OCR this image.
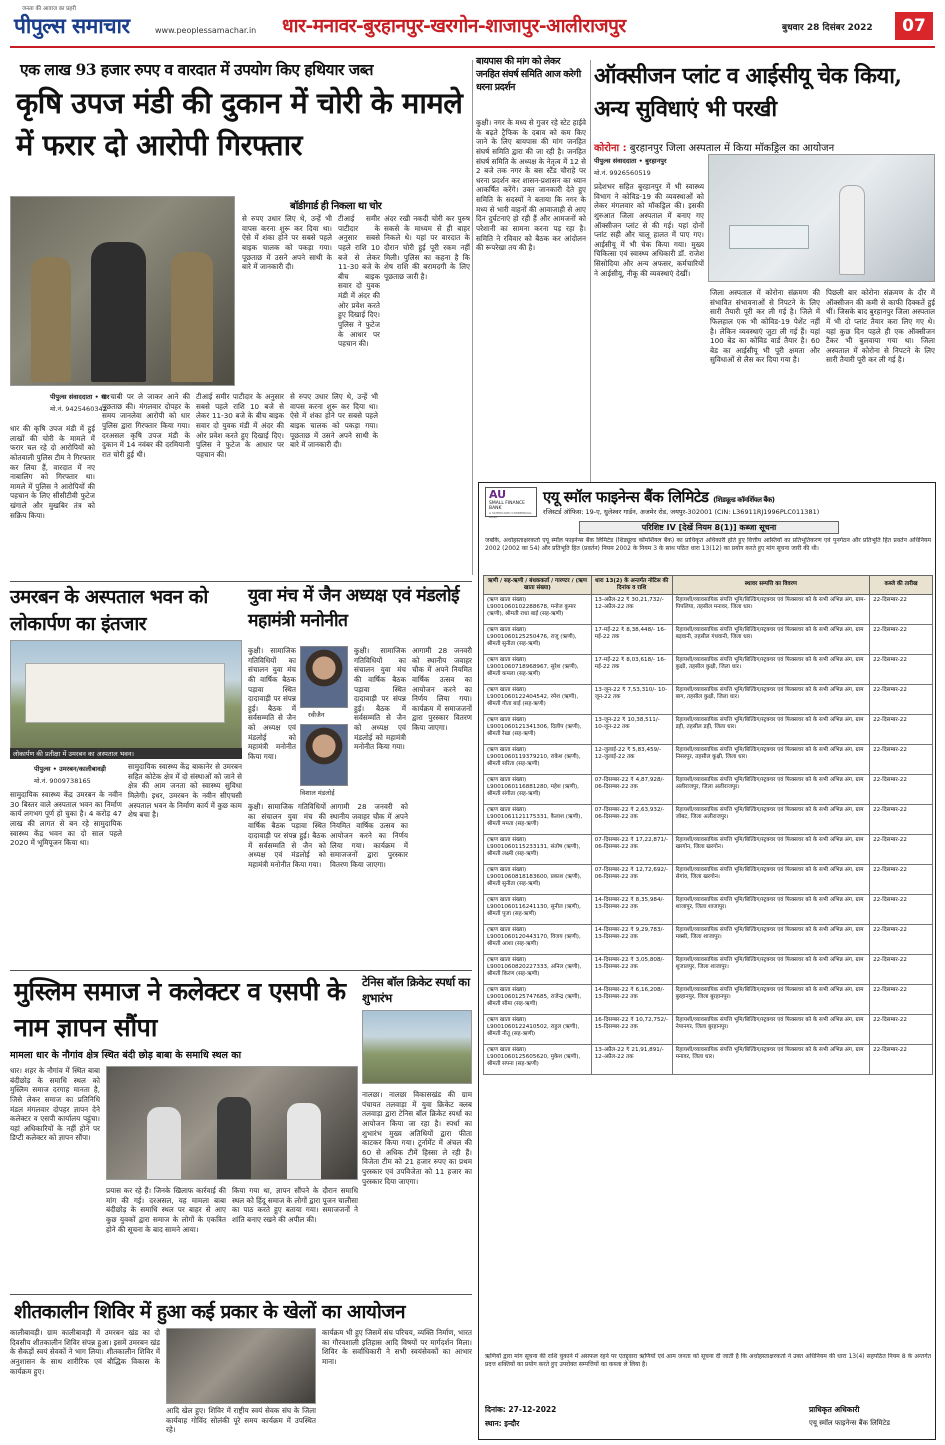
जनता की आवाज का प्रहरी
पीपुल्स समाचार	www.peoplessamachar.in धार-मनावर-बुरहानपुर-खरगोन-शाजापुर-आलीराजपुर	बुधवार 28 दिसंबर 2022	07
एक लाख 93 हजार रुपए व वारदात में उपयोग किए हथियार जब्त
कृषि उपज मंडी की दुकान में चोरी के मामले में फरार दो आरोपी गिरफ्तार
पीपुल्स संवाददाता • धार
मो.नं. 9425460342
बॉडीगार्ड ही निकला था चोर
धार की कृषि उपज मंडी में हुई लाखों की चोरी के मामले में फरार चल रहे दो आरोपियों को कोतवाली पुलिस टीम ने गिरफ्तार कर लिया हैं, वारदात में नए नाबालिग को गिरफ्तार था। मामले में पुलिस ने आरोपियों की पहचान के लिए सीसीटीवी फुटेज खंगाले और मुखबिर तंत्र को सक्रिय किया।
व चाबी पर ले जाकर आने की पूछताछ की। मंगलवार दोपहर के समय जानलेवा आरोपी को धार पुलिस द्वारा गिरफ्तार किया गया। दरअसल कृषि उपज मंडी के दुकान में 14 नवंबर की दरमियानी रात चोरी हुई थी।
टीआई समीर पाटीदार के अनुसार सबसे पहले राशि 10 बजे से लेकर 11-30 बजे के बीच बाइक सवार दो युवक मंडी में अंदर की ओर प्रवेश करते हुए दिखाई दिए। पुलिस ने फुटेज के आधार पर पहचान की।
से रुपए उधार लिए थे, उन्हें भी वापस करना शुरू कर दिया था। ऐसे में शंका होने पर सबसे पहले बाइक चालक को पकड़ा गया। पूछताछ में उसने अपने साथी के बारे में जानकारी दी।
से रुपए उधार लिए थे, उन्हें भी वापस करना शुरू कर दिया था। ऐसे में शंका होने पर सबसे पहले बाइक चालक को पकड़ा गया। पूछताछ में उसने अपने साथी के बारे में जानकारी दी।
अंदर रखी नकदी चोरी कर पुरुष सकसे के माध्यम से ही बाहर निकले थे। यहां पर वारदात के दौरान चोरी हुई पूरी रकम नहीं मिली। पुलिस का कहना है कि शेष राशि की बरामदगी के लिए पूछताछ जारी है।
टीआई समीर पाटीदार के अनुसार सबसे पहले राशि 10 बजे से लेकर 11-30 बजे के बीच बाइक सवार दो युवक मंडी में अंदर की ओर प्रवेश करते हुए दिखाई दिए। पुलिस ने फुटेज के आधार पर पहचान की।
बायपास की मांग को लेकर जनहित संघर्ष समिति आज करेगी धरना प्रदर्शन
कुक्षी। नगर के मध्य से गुजर रहे स्टेट हाईवे के बढ़ते ट्रैफिक के दबाव को कम किए जाने के लिए बायपास की मांग जनहित संघर्ष समिति द्वारा की जा रही है। जनहित संघर्ष समिति के अध्यक्ष के नेतृत्व में 12 से 2 बजे तक नगर के बस स्टैंड चौराहे पर धरना प्रदर्शन कर शासन-प्रशासन का ध्यान आकर्षित करेंगे। उक्त जानकारी देते हुए समिति के सदस्यों ने बताया कि नगर के मध्य से भारी वाहनों की आवाजाही से आए दिन दुर्घटनाएं हो रही हैं और आमजनों को परेशानी का सामना करना पड़ रहा है। समिति ने रविवार को बैठक कर आंदोलन की रूपरेखा तय की है।
ऑक्सीजन प्लांट व आईसीयू चेक किया, अन्य सुविधाएं भी परखी
कोरोना : बुरहानपुर जिला अस्पताल में किया मॉकड्रिल का आयोजन
पीपुल्स संवाददाता • बुरहानपुर
मो.नं. 9926560519
प्रदेशभर सहित बुरहानपुर में भी स्वास्थ्य विभाग ने कोविड-19 की व्यवस्थाओं को लेकर मंगलवार को मॉकड्रिल की। इसकी शुरुआत जिला अस्पताल में बनाए गए ऑक्सीजन प्लांट से की गई। यहां दोनों प्लांट सही और चालू हालत में पाए गए। आईसीयू में भी चेक किया गया। मुख्य चिकित्सा एवं स्वास्थ्य अधिकारी डॉ. राजेश सिसोदिया और अन्य अफसर, कर्मचारियों ने आईसीयू, नीकू की व्यवस्थाएं देखीं।
जिला अस्पताल में कोरोना संक्रमण की संभावित संभावनाओं से निपटने के लिए सारी तैयारी पूरी कर ली गई है। जिले में फिलहाल एक भी कोविड-19 पेशेंट नहीं है। लेकिन व्यवस्थाएं जुटा ली गई हैं। यहां 100 बेड का कोविड वार्ड तैयार है। 60 बेड का आईसीयू भी पूरी क्षमता और सुविधाओं से लैस कर दिया गया है।
पिछली बार कोरोना संक्रमण के दौर में ऑक्सीजन की कमी से काफी दिक्कतें हुई थीं। जिसके बाद बुरहानपुर जिला अस्पताल में भी दो प्लांट तैयार करा लिए गए थे। यहां कुछ दिन पहले ही एक ऑक्सीजन टैंकर भी बुलवाया गया था। जिला अस्पताल में कोरोना से निपटने के लिए सारी तैयारी पूरी कर ली गई है।
AU
SMALL FINANCE BANK
A SCHEDULED COMMERCIAL BANK
एयू स्मॉल फाइनेन्स बैंक लिमिटेड (शिड्यूल्ड कॉमर्शियल बैंक)
रजिस्टर्ड ऑफिस: 19-ए, धुलेश्वर गार्डन, अजमेर रोड, जयपुर-302001 (CIN: L36911RJ1996PLC011381)
परिशिष्ट IV [देखें नियम 8(1)] कब्जा सूचना
जबकि, अधोहस्ताक्षरकर्ता एयू स्मॉल फाइनेन्स बैंक लिमिटेड (शिड्यूल्ड कॉमर्शियल बैंक) का प्राधिकृत अधिकारी होते हुए वित्तीय आस्तियों का प्रतिभूतिकरण एवं पुनर्गठन और प्रतिभूति हित प्रवर्तन अधिनियम 2002 (2002 का 54) और प्रतिभूति हित (प्रवर्तन) नियम 2002 के नियम 3 के साथ पठित धारा 13(12) का प्रयोग करते हुए मांग सूचना जारी की थी।
ऋणी / सह-ऋणी / बंधककर्ता / गारण्टर / (ऋण खाता संख्या)	धारा 13(2) के अन्तर्गत नोटिस की दिनांक व राशि	स्थावर सम्पत्ति का विवरण	कब्जे की तारीख
(ऋण खाता संख्या) L9001060102288678, मनोज कुमार (ऋणी), श्रीमती राधा बाई (सह-ऋणी)	13-अप्रैल-22 ₹ 30,21,732/- 12-अप्रैल-22 तक	रिहायशी/व्यावसायिक संपत्ति भूमि/बिल्डिंग/स्ट्रक्चर एवं फिक्सचर को के सभी अभिन्न अंग, ग्राम-पिपलिया, तहसील मनावर, जिला धार।	22-दिसम्बर-22
(ऋण खाता संख्या) L9001060125250476, राजू (ऋणी), श्रीमती सुनीता (सह-ऋणी)	17-मई-22 ₹ 8,38,448/- 16-मई-22 तक	रिहायशी/व्यावसायिक संपत्ति भूमि/बिल्डिंग/स्ट्रक्चर एवं फिक्सचर को के सभी अभिन्न अंग, ग्राम बड़वानी, तहसील गंधवानी, जिला धार।	22-दिसम्बर-22
(ऋण खाता संख्या) L9001060718968967, सुरेश (ऋणी), श्रीमती कमला (सह-ऋणी)	17-मई-22 ₹ 8,03,618/- 16-मई-22 तक	रिहायशी/व्यावसायिक संपत्ति भूमि/बिल्डिंग/स्ट्रक्चर एवं फिक्सचर को के सभी अभिन्न अंग, ग्राम कुक्षी, तहसील कुक्षी, जिला धार।	22-दिसम्बर-22
(ऋण खाता संख्या) L9001060122404542, रमेश (ऋणी), श्रीमती गीता बाई (सह-ऋणी)	13-जून-22 ₹ 7,53,310/- 10-जून-22 तक	रिहायशी/व्यावसायिक संपत्ति भूमि/बिल्डिंग/स्ट्रक्चर एवं फिक्सचर को के सभी अभिन्न अंग, ग्राम बाग, तहसील कुक्षी, जिला धार।	22-दिसम्बर-22
(ऋण खाता संख्या) L9001060121341306, दिलीप (ऋणी), श्रीमती रेखा (सह-ऋणी)	13-जून-22 ₹ 10,38,511/- 10-जून-22 तक	रिहायशी/व्यावसायिक संपत्ति भूमि/बिल्डिंग/स्ट्रक्चर एवं फिक्सचर को के सभी अभिन्न अंग, ग्राम डही, तहसील डही, जिला धार।	22-दिसम्बर-22
(ऋण खाता संख्या) L9001060119379210, राकेश (ऋणी), श्रीमती सरिता (सह-ऋणी)	12-जुलाई-22 ₹ 5,83,459/- 12-जुलाई-22 तक	रिहायशी/व्यावसायिक संपत्ति भूमि/बिल्डिंग/स्ट्रक्चर एवं फिक्सचर को के सभी अभिन्न अंग, ग्राम निसरपुर, तहसील कुक्षी, जिला धार।	22-दिसम्बर-22
(ऋण खाता संख्या) L9001060116881280, महेश (ऋणी), श्रीमती संगीता (सह-ऋणी)	07-दिसम्बर-22 ₹ 4,87,928/- 06-दिसम्बर-22 तक	रिहायशी/व्यावसायिक संपत्ति भूमि/बिल्डिंग/स्ट्रक्चर एवं फिक्सचर को के सभी अभिन्न अंग, ग्राम अलीराजपुर, जिला अलीराजपुर।	22-दिसम्बर-22
(ऋण खाता संख्या) L9001061121175331, कैलाश (ऋणी), श्रीमती ममता (सह-ऋणी)	07-दिसम्बर-22 ₹ 2,63,932/- 06-दिसम्बर-22 तक	रिहायशी/व्यावसायिक संपत्ति भूमि/बिल्डिंग/स्ट्रक्चर एवं फिक्सचर को के सभी अभिन्न अंग, ग्राम जोबट, जिला अलीराजपुर।	22-दिसम्बर-22
(ऋण खाता संख्या) L9001060115233131, संतोष (ऋणी), श्रीमती लक्ष्मी (सह-ऋणी)	07-दिसम्बर-22 ₹ 17,22,871/- 06-दिसम्बर-22 तक	रिहायशी/व्यावसायिक संपत्ति भूमि/बिल्डिंग/स्ट्रक्चर एवं फिक्सचर को के सभी अभिन्न अंग, ग्राम खरगोन, जिला खरगोन।	22-दिसम्बर-22
(ऋण खाता संख्या) L9001060818183600, प्रकाश (ऋणी), श्रीमती सुनीता (सह-ऋणी)	07-दिसम्बर-22 ₹ 12,72,692/- 06-दिसम्बर-22 तक	रिहायशी/व्यावसायिक संपत्ति भूमि/बिल्डिंग/स्ट्रक्चर एवं फिक्सचर को के सभी अभिन्न अंग, ग्राम सेगांव, जिला खरगोन।	22-दिसम्बर-22
(ऋण खाता संख्या) L9001060116241130, सुनील (ऋणी), श्रीमती पूजा (सह-ऋणी)	14-दिसम्बर-22 ₹ 8,35,984/- 13-दिसम्बर-22 तक	रिहायशी/व्यावसायिक संपत्ति भूमि/बिल्डिंग/स्ट्रक्चर एवं फिक्सचर को के सभी अभिन्न अंग, ग्राम शाजापुर, जिला शाजापुर।	22-दिसम्बर-22
(ऋण खाता संख्या) L9001060120443170, विजय (ऋणी), श्रीमती आशा (सह-ऋणी)	14-दिसम्बर-22 ₹ 9,29,783/- 13-दिसम्बर-22 तक	रिहायशी/व्यावसायिक संपत्ति भूमि/बिल्डिंग/स्ट्रक्चर एवं फिक्सचर को के सभी अभिन्न अंग, ग्राम मक्सी, जिला शाजापुर।	22-दिसम्बर-22
(ऋण खाता संख्या) L9001060820227333, अनिल (ऋणी), श्रीमती किरण (सह-ऋणी)	14-दिसम्बर-22 ₹ 3,05,808/- 13-दिसम्बर-22 तक	रिहायशी/व्यावसायिक संपत्ति भूमि/बिल्डिंग/स्ट्रक्चर एवं फिक्सचर को के सभी अभिन्न अंग, ग्राम शुजालपुर, जिला शाजापुर।	22-दिसम्बर-22
(ऋण खाता संख्या) L9001060125747685, राजेन्द्र (ऋणी), श्रीमती सीमा (सह-ऋणी)	14-दिसम्बर-22 ₹ 6,16,208/- 13-दिसम्बर-22 तक	रिहायशी/व्यावसायिक संपत्ति भूमि/बिल्डिंग/स्ट्रक्चर एवं फिक्सचर को के सभी अभिन्न अंग, ग्राम बुरहानपुर, जिला बुरहानपुर।	22-दिसम्बर-22
(ऋण खाता संख्या) L9001060122410502, राहुल (ऋणी), श्रीमती नीतू (सह-ऋणी)	16-दिसम्बर-22 ₹ 10,72,752/- 15-दिसम्बर-22 तक	रिहायशी/व्यावसायिक संपत्ति भूमि/बिल्डिंग/स्ट्रक्चर एवं फिक्सचर को के सभी अभिन्न अंग, ग्राम नेपानगर, जिला बुरहानपुर।	22-दिसम्बर-22
(ऋण खाता संख्या) L9001060125605620, मुकेश (ऋणी), श्रीमती सपना (सह-ऋणी)	13-अप्रैल-22 ₹ 21,91,891/- 12-अप्रैल-22 तक	रिहायशी/व्यावसायिक संपत्ति भूमि/बिल्डिंग/स्ट्रक्चर एवं फिक्सचर को के सभी अभिन्न अंग, ग्राम मनावर, जिला धार।	22-दिसम्बर-22
ऋणियों द्वारा मांग सूचना की राशि चुकाने में असफल रहने पर एतद्द्वारा ऋणियों एवं आम जनता को सूचना दी जाती है कि अधोहस्ताक्षरकर्ता ने उक्त अधिनियम की धारा 13(4) सहपठित नियम 8 के अन्तर्गत प्रदत्त शक्तियों का प्रयोग करते हुए उपरोक्त सम्पत्तियों का कब्जा ले लिया है।
दिनांक: 27-12-2022
स्थान: इन्दौर
प्राधिकृत अधिकारी
एयू स्मॉल फाइनेन्स बैंक लिमिटेड
उमरबन के अस्पताल भवन को लोकार्पण का इंतजार
लोकार्पण की प्रतीक्षा में उमरबन का अस्पताल भवन।
पीपुल्स • उमरबन/कालीबावड़ी
मो.नं. 9009738165
सामुदायिक स्वास्थ्य केंद्र उमरबन के नवीन 30 बिस्तर वाले अस्पताल भवन का निर्माण कार्य लगभग पूर्ण हो चुका है। 4 करोड़ 47 लाख की लागत से बन रहे सामुदायिक स्वास्थ्य केंद्र भवन का दो साल पहले 2020 में भूमिपूजन किया था।
सामुदायिक स्वास्थ्य केंद्र बाकानेर से उमरबन सहित कोटेक क्षेत्र में दो संस्थाओं को जाने से क्षेत्र की आम जनता को स्वास्थ्य सुविधा मिलेगी। इधर, उमरबन के नवीन सीएचसी अस्पताल भवन के निर्माण कार्य में कुछ काम शेष बचा है।
युवा मंच में जैन अध्यक्ष एवं मंडलोई महामंत्री मनोनीत
रवीजैन
विशाल मंडलोई
कुक्षी। सामाजिक गतिविधियों का संचालन युवा मंच की वार्षिक बैठक पड़ावा स्थित दादावाड़ी पर संपन्न हुई। बैठक में सर्वसम्मति से जैन को अध्यक्ष एवं मंडलोई को महामंत्री मनोनीत किया गया।
कुक्षी। सामाजिक गतिविधियों का संचालन युवा मंच की वार्षिक बैठक पड़ावा स्थित दादावाड़ी पर संपन्न हुई। बैठक में सर्वसम्मति से जैन को अध्यक्ष एवं मंडलोई को महामंत्री मनोनीत किया गया।
आगामी 28 जनवरी को स्थानीय जवाहर चौक में अपने नियमित वार्षिक उत्सव का आयोजन करने का निर्णय लिया गया। कार्यक्रम में समाजजनों द्वारा पुरस्कार वितरण किया जाएगा।
कुक्षी। सामाजिक गतिविधियों का संचालन युवा मंच की वार्षिक बैठक पड़ावा स्थित दादावाड़ी पर संपन्न हुई। बैठक में सर्वसम्मति से जैन को अध्यक्ष एवं मंडलोई को महामंत्री मनोनीत किया गया।
आगामी 28 जनवरी को स्थानीय जवाहर चौक में अपने नियमित वार्षिक उत्सव का आयोजन करने का निर्णय लिया गया। कार्यक्रम में समाजजनों द्वारा पुरस्कार वितरण किया जाएगा।
मुस्लिम समाज ने कलेक्टर व एसपी के नाम ज्ञापन सौंपा
मामला धार के नौगांव क्षेत्र स्थित बंदी छोड़ बाबा के समाधि स्थल का
धार। शहर के नौगांव में स्थित बाबा बंदीछोड़ के समाधि स्थल को मुस्लिम समाज दरगाह मानता है, जिसे लेकर समाज का प्रतिनिधि मंडल मंगलवार दोपहर ज्ञापन देने कलेक्टर व एसपी कार्यालय पहुंचा। यहां अधिकारियों के नहीं होने पर डिप्टी कलेक्टर को ज्ञापन सौंपा।
प्रयास कर रहे हैं। जिनके खिलाफ कार्रवाई की मांग की गई। दरअसल, यह मामला बाबा बंदीछोड़ के समाधि स्थल पर बाहर से आए कुछ युवकों द्वारा समाज के लोगों के एकत्रित होने की सूचना के बाद सामने आया।
किया गया था, ज्ञापन सौंपने के दौरान समाधि स्थल को हिंदू समाज के लोगों द्वारा पूजन चालीसा का पाठ करते हुए बताया गया। समाजजनों ने शांति बनाए रखने की अपील की।
टेनिस बॉल क्रिकेट स्पर्धा का शुभारंभ
नालछा। नालछा विकासखंड की ग्राम पंचायत तलवाड़ा में युवा क्रिकेट क्लब तलवाड़ा द्वारा टेनिस बॉल क्रिकेट स्पर्धा का आयोजन किया जा रहा है। स्पर्धा का शुभारंभ मुख्य अतिथियों द्वारा फीता काटकर किया गया। टूर्नामेंट में अंचल की 60 से अधिक टीमें हिस्सा ले रही हैं। विजेता टीम को 21 हजार रुपए का प्रथम पुरस्कार एवं उपविजेता को 11 हजार का पुरस्कार दिया जाएगा।
शीतकालीन शिविर में हुआ कई प्रकार के खेलों का आयोजन
कालीबावड़ी। ग्राम कालीबावड़ी में उमरबन खंड का दो दिवसीय शीतकालीन शिविर संपन्न हुआ। इसमें उमरबन खंड के सैकड़ों स्वयं सेवकों ने भाग लिया। शीतकालीन शिविर में अनुशासन के साथ शारीरिक एवं बौद्धिक विकास के कार्यक्रम हुए।
आदि खेल हुए। शिविर में राष्ट्रीय स्वयं सेवक संघ के जिला कार्यवाह गोविंद सोलंकी पूरे समय कार्यक्रम में उपस्थित रहे।
कार्यक्रम भी हुए जिसमें संघ परिचय, व्यक्ति निर्माण, भारत का गौरवशाली इतिहास आदि विषयों पर मार्गदर्शन मिला। शिविर के सर्वाधिकारी ने सभी स्वयंसेवकों का आभार माना।
